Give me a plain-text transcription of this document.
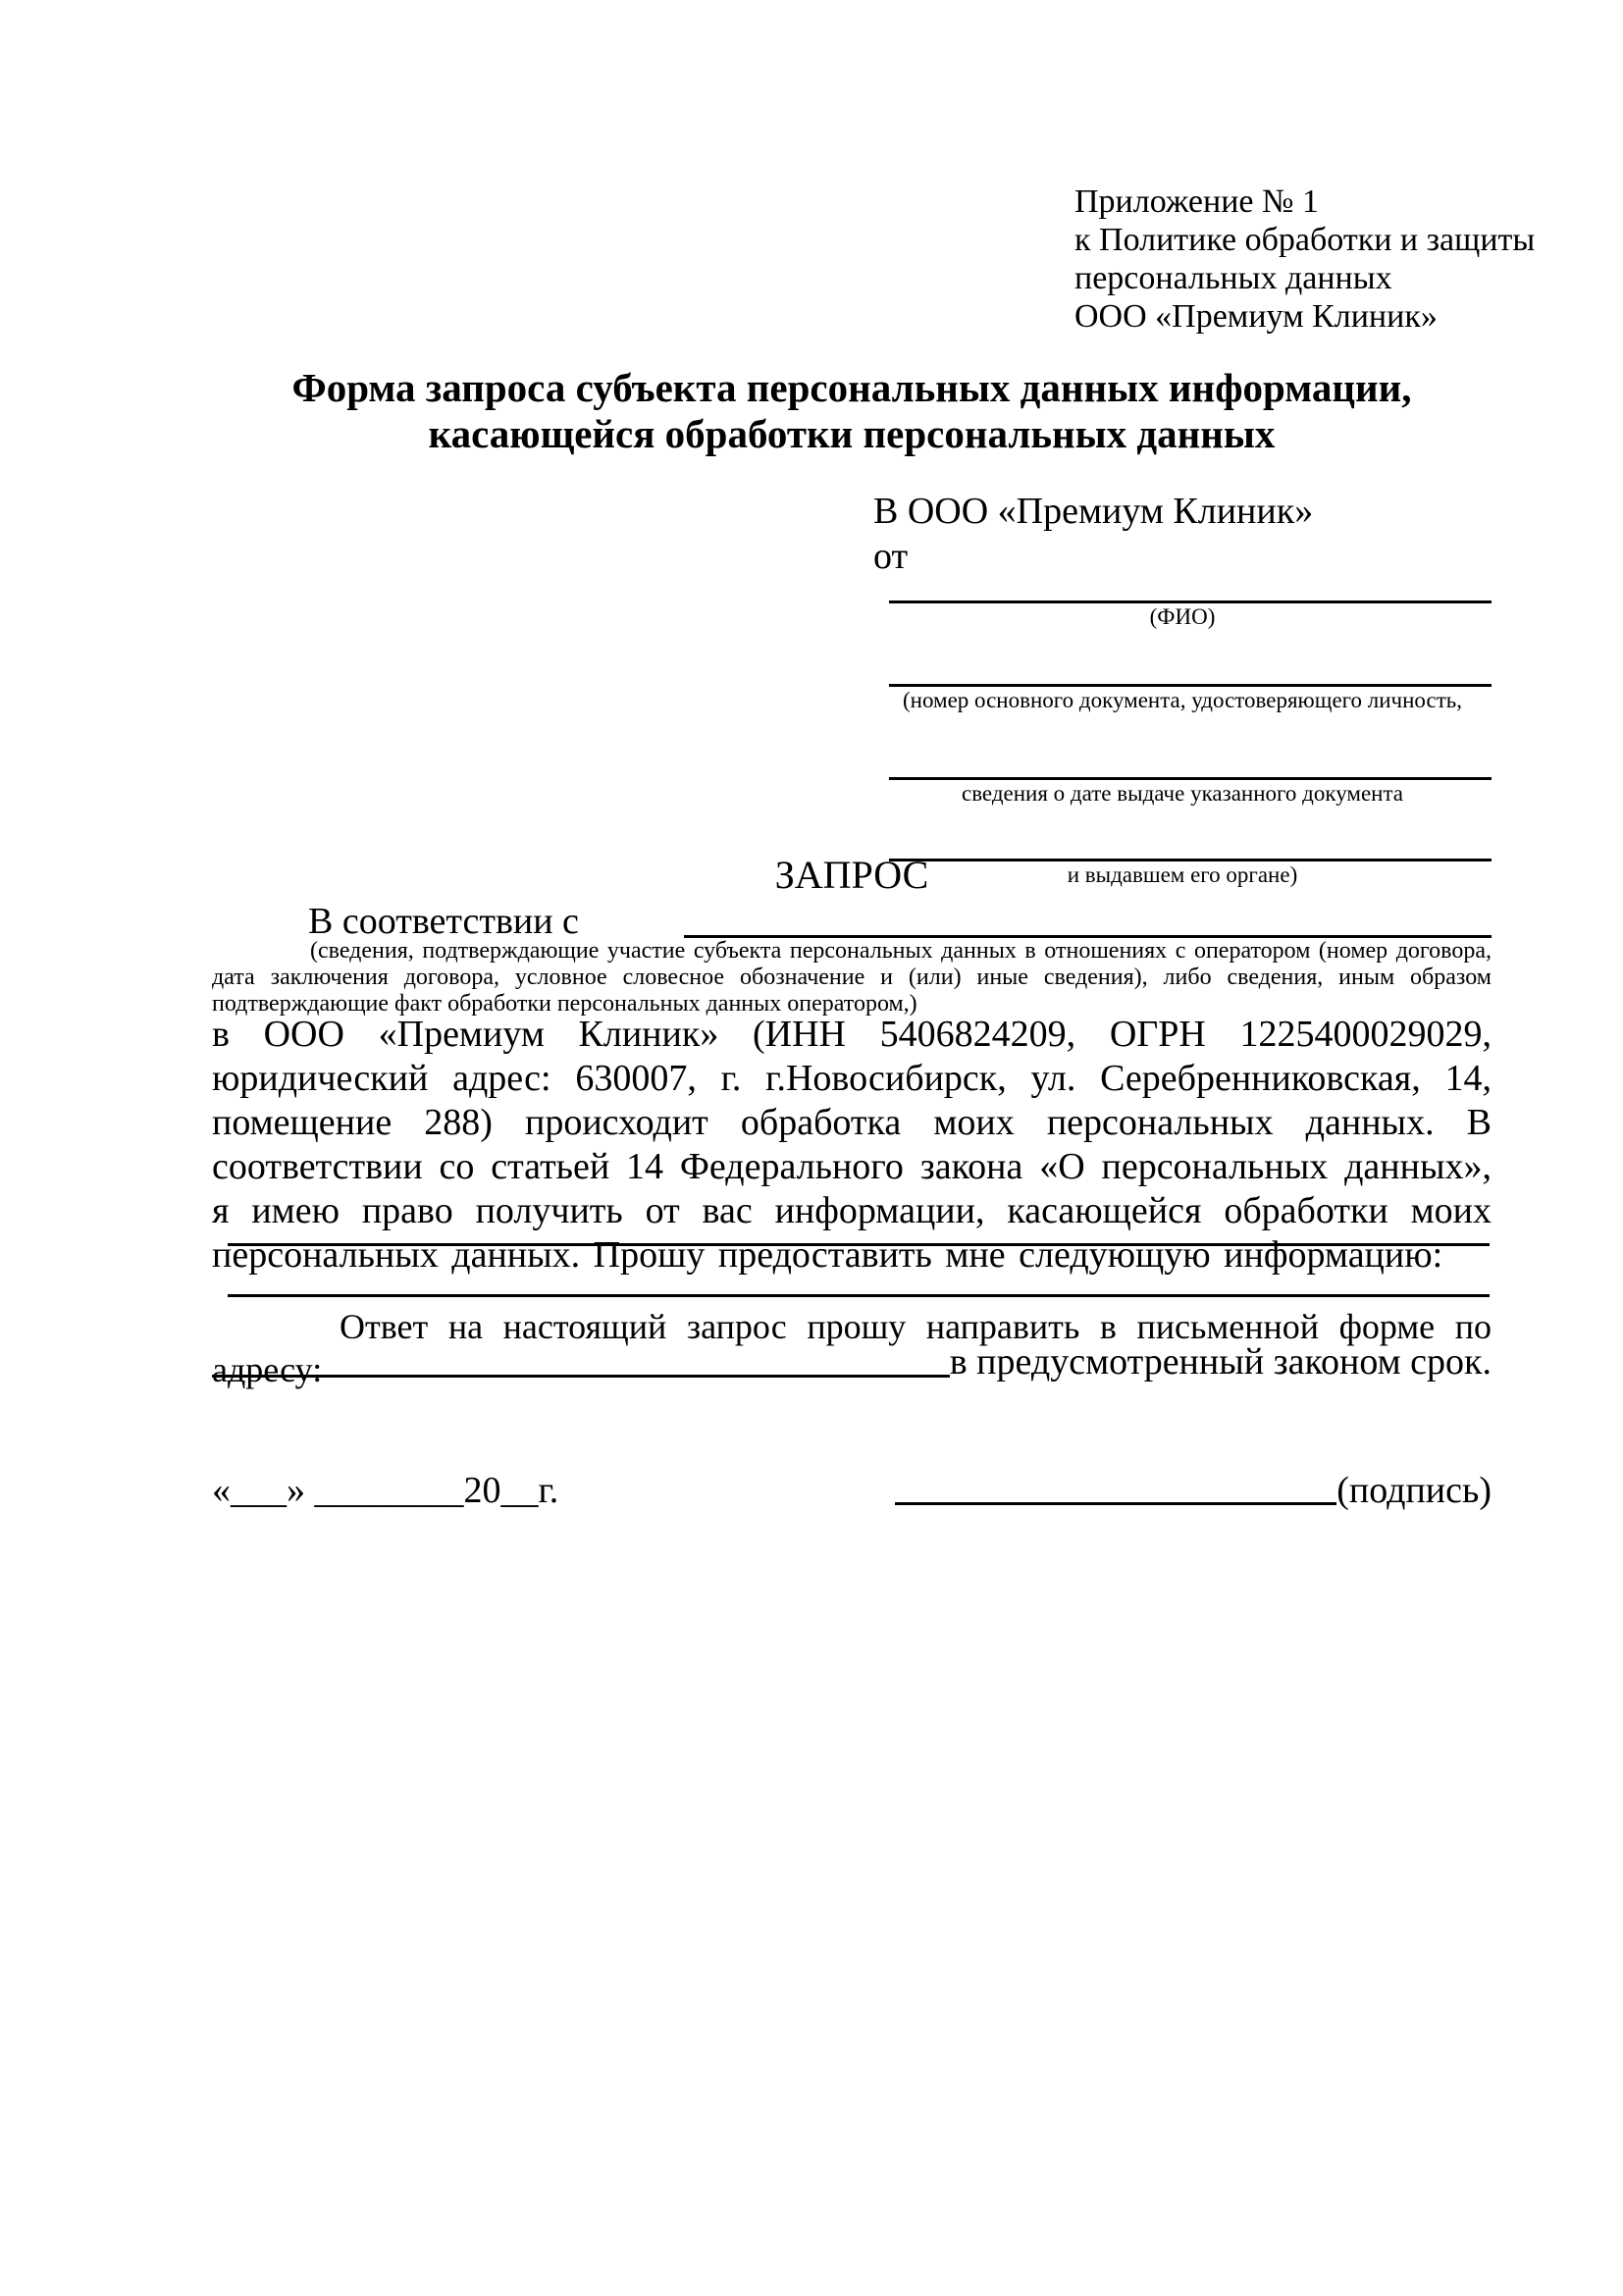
Приложение № 1
к Политике обработки и защиты
персональных данных
ООО «Премиум Клиник»
Форма запроса субъекта персональных данных информации,
касающейся обработки персональных данных
В ООО «Премиум Клиник»
от
(ФИО)
(номер основного документа, удостоверяющего личность,
сведения о дате выдаче указанного документа
и выдавшем его органе)
ЗАПРОС
В соответствии с

(сведения, подтверждающие участие субъекта персональных данных в отношениях с оператором (номер договора, дата заключения договора, условное словесное обозначение и (или) иные сведения), либо сведения, иным образом подтверждающие факт обработки персональных данных оператором,)
в ООО «Премиум Клиник» (ИНН 5406824209, ОГРН 1225400029029, юридический адрес: 630007, г. г.Новосибирск, ул. Серебренниковская, 14, помещение 288) происходит обработка моих персональных данных. В соответствии со статьей 14 Федерального закона «О персональных данных», я имею право получить от вас информации, касающейся обработки моих персональных данных. Прошу предоставить мне следующую информацию:
Ответ на настоящий запрос прошу направить в письменной форме по адресу:	в предусмотренный законом срок.
«___» ________20__г.	(подпись)
